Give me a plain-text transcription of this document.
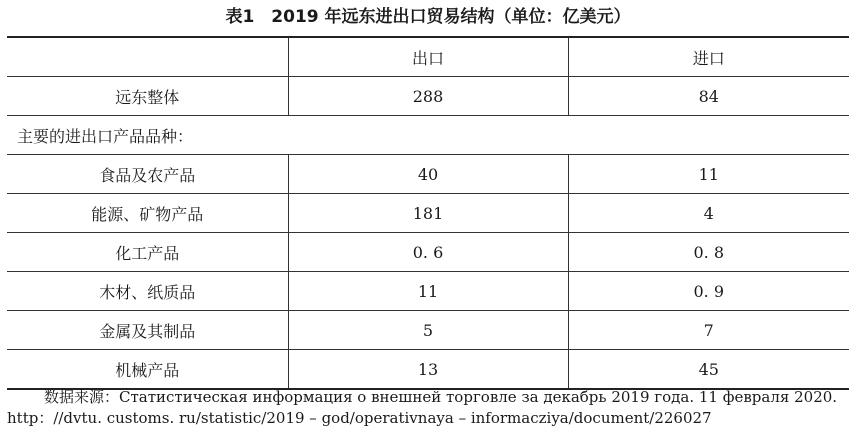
表1　2019 年远东进出口贸易结构（单位：亿美元）
	出口	进口
远东整体	288	84
主要的进出口产品品种：		
食品及农产品	40	11
能源、矿物产品	181	4
化工产品	0. 6	0. 8
木材、纸质品	11	0. 9
金属及其制品	5	7
机械产品	13	45
数据来源：Статистическая информация о внешней торговле за декабрь 2019 года. 11 февраля 2020.
http：//dvtu. customs. ru/statistic/2019 – god/operativnaya – informacziya/document/226027
